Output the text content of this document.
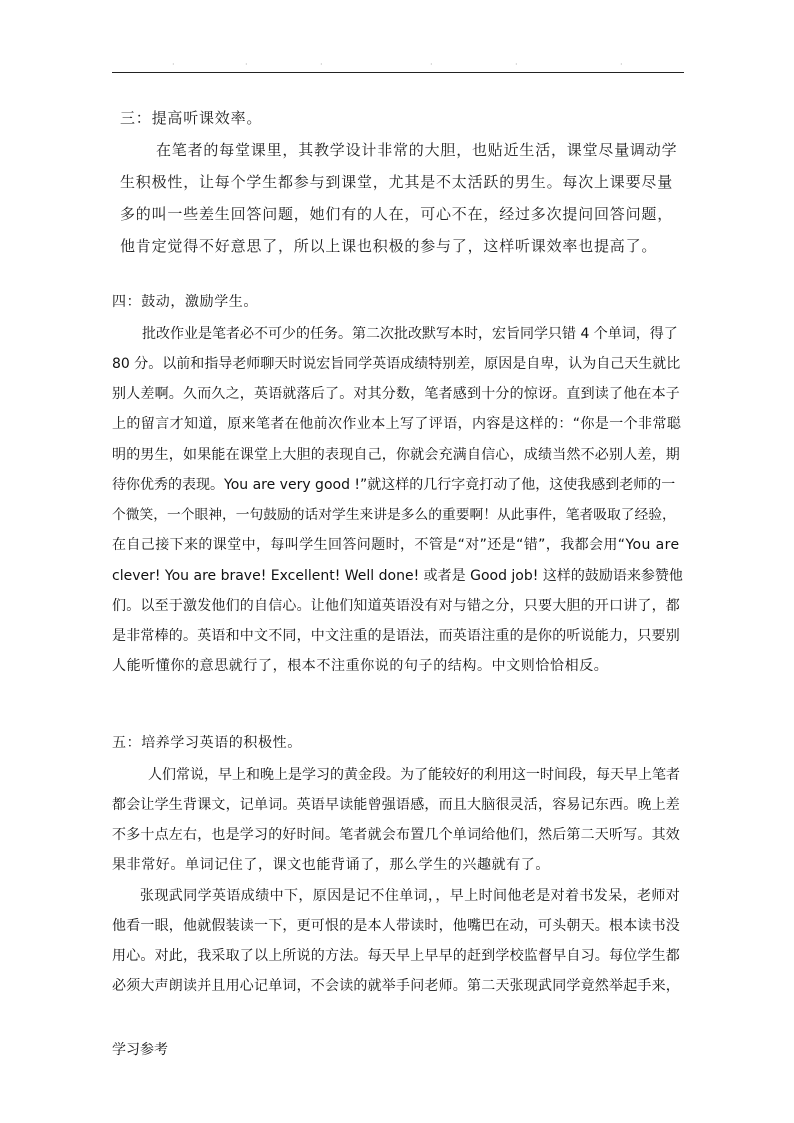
·	·	·	·	·	·
三：提高听课效率。
在笔者的每堂课里，其教学设计非常的大胆，也贴近生活，课堂尽量调动学
生积极性，让每个学生都参与到课堂，尤其是不太活跃的男生。每次上课要尽量
多的叫一些差生回答问题，她们有的人在，可心不在，经过多次提问回答问题，
他肯定觉得不好意思了，所以上课也积极的参与了，这样听课效率也提高了。
四：鼓动，激励学生。
批改作业是笔者必不可少的任务。第二次批改默写本时，宏旨同学只错 4 个单词，得了
80 分。以前和指导老师聊天时说宏旨同学英语成绩特别差，原因是自卑，认为自己天生就比
别人差啊。久而久之，英语就落后了。对其分数，笔者感到十分的惊讶。直到读了他在本子
上的留言才知道，原来笔者在他前次作业本上写了评语，内容是这样的：“你是一个非常聪
明的男生，如果能在课堂上大胆的表现自己，你就会充满自信心，成绩当然不必别人差，期
待你优秀的表现。You are very good !”就这样的几行字竟打动了他，这使我感到老师的一
个微笑，一个眼神，一句鼓励的话对学生来讲是多么的重要啊！从此事件，笔者吸取了经验，
在自己接下来的课堂中，每叫学生回答问题时，不管是“对”还是“错”，我都会用“You are
clever! You are brave! Excellent! Well done! 或者是 Good job! 这样的鼓励语来参赞他
们。以至于激发他们的自信心。让他们知道英语没有对与错之分，只要大胆的开口讲了，都
是非常棒的。英语和中文不同，中文注重的是语法，而英语注重的是你的听说能力，只要别
人能听懂你的意思就行了，根本不注重你说的句子的结构。中文则恰恰相反。
五：培养学习英语的积极性。
人们常说，早上和晚上是学习的黄金段。为了能较好的利用这一时间段，每天早上笔者
都会让学生背课文，记单词。英语早读能曾强语感，而且大脑很灵活，容易记东西。晚上差
不多十点左右，也是学习的好时间。笔者就会布置几个单词给他们，然后第二天听写。其效
果非常好。单词记住了，课文也能背诵了，那么学生的兴趣就有了。
张现武同学英语成绩中下，原因是记不住单词，，早上时间他老是对着书发呆，老师对
他看一眼，他就假装读一下，更可恨的是本人带读时，他嘴巴在动，可头朝天。根本读书没
用心。对此，我采取了以上所说的方法。每天早上早早的赶到学校监督早自习。每位学生都
必须大声朗读并且用心记单词，不会读的就举手问老师。第二天张现武同学竟然举起手来，
学习参考
